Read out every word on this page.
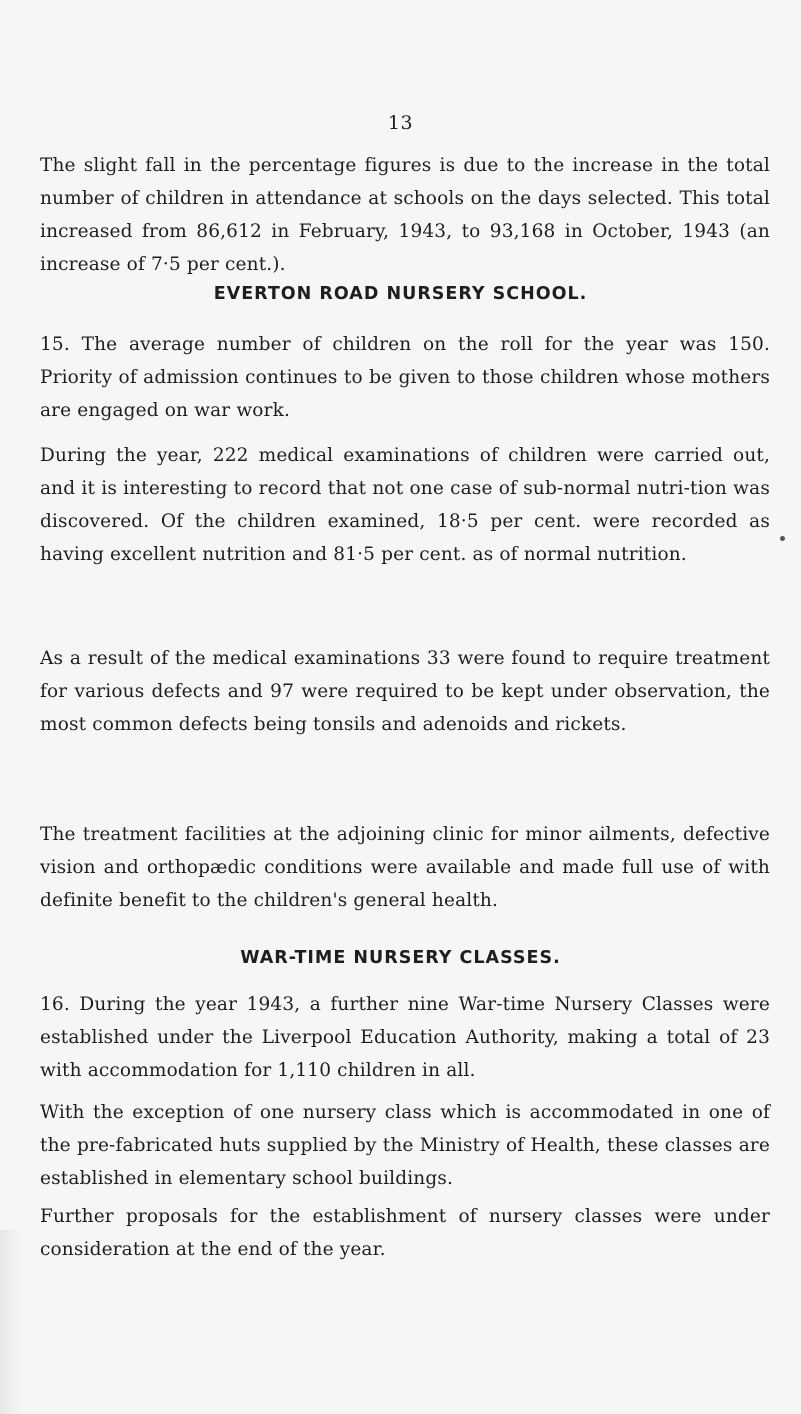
13

The slight fall in the percentage figures is due to the increase in the total number of children in attendance at schools on the days selected. This total increased from 86,612 in February, 1943, to 93,168 in October, 1943 (an increase of 7·5 per cent.).

EVERTON ROAD NURSERY SCHOOL.

15. The average number of children on the roll for the year was 150. Priority of admission continues to be given to those children whose mothers are engaged on war work.

During the year, 222 medical examinations of children were carried out, and it is interesting to record that not one case of sub-normal nutri-tion was discovered. Of the children examined, 18·5 per cent. were recorded as having excellent nutrition and 81·5 per cent. as of normal nutrition.

As a result of the medical examinations 33 were found to require treatment for various defects and 97 were required to be kept under observation, the most common defects being tonsils and adenoids and rickets.

The treatment facilities at the adjoining clinic for minor ailments, defective vision and orthopædic conditions were available and made full use of with definite benefit to the children's general health.

WAR-TIME NURSERY CLASSES.

16. During the year 1943, a further nine War-time Nursery Classes were established under the Liverpool Education Authority, making a total of 23 with accommodation for 1,110 children in all.

With the exception of one nursery class which is accommodated in one of the pre-fabricated huts supplied by the Ministry of Health, these classes are established in elementary school buildings.

Further proposals for the establishment of nursery classes were under consideration at the end of the year.
